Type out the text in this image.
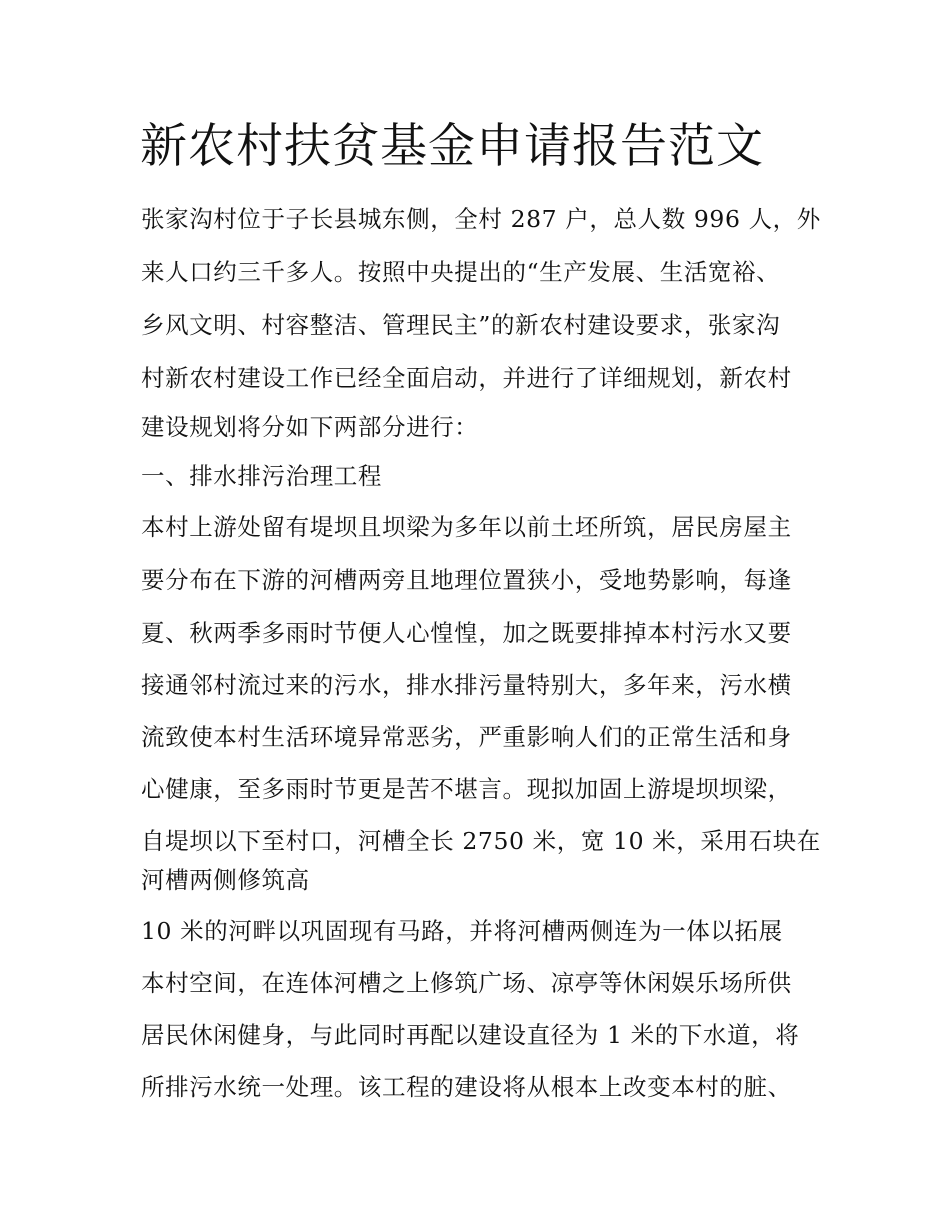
新农村扶贫基金申请报告范文
张家沟村位于子长县城东侧，全村 287 户，总人数 996 人，外
来人口约三千多人。按照中央提出的“生产发展、生活宽裕、
乡风文明、村容整洁、管理民主”的新农村建设要求，张家沟
村新农村建设工作已经全面启动，并进行了详细规划，新农村
建设规划将分如下两部分进行：
一、排水排污治理工程
本村上游处留有堤坝且坝梁为多年以前土坯所筑，居民房屋主
要分布在下游的河槽两旁且地理位置狭小，受地势影响，每逢
夏、秋两季多雨时节便人心惶惶，加之既要排掉本村污水又要
接通邻村流过来的污水，排水排污量特别大，多年来，污水横
流致使本村生活环境异常恶劣，严重影响人们的正常生活和身
心健康，至多雨时节更是苦不堪言。现拟加固上游堤坝坝梁，
自堤坝以下至村口，河槽全长 2750 米，宽 10 米，采用石块在
河槽两侧修筑高
10 米的河畔以巩固现有马路，并将河槽两侧连为一体以拓展
本村空间，在连体河槽之上修筑广场、凉亭等休闲娱乐场所供
居民休闲健身，与此同时再配以建设直径为 1 米的下水道，将
所排污水统一处理。该工程的建设将从根本上改变本村的脏、
